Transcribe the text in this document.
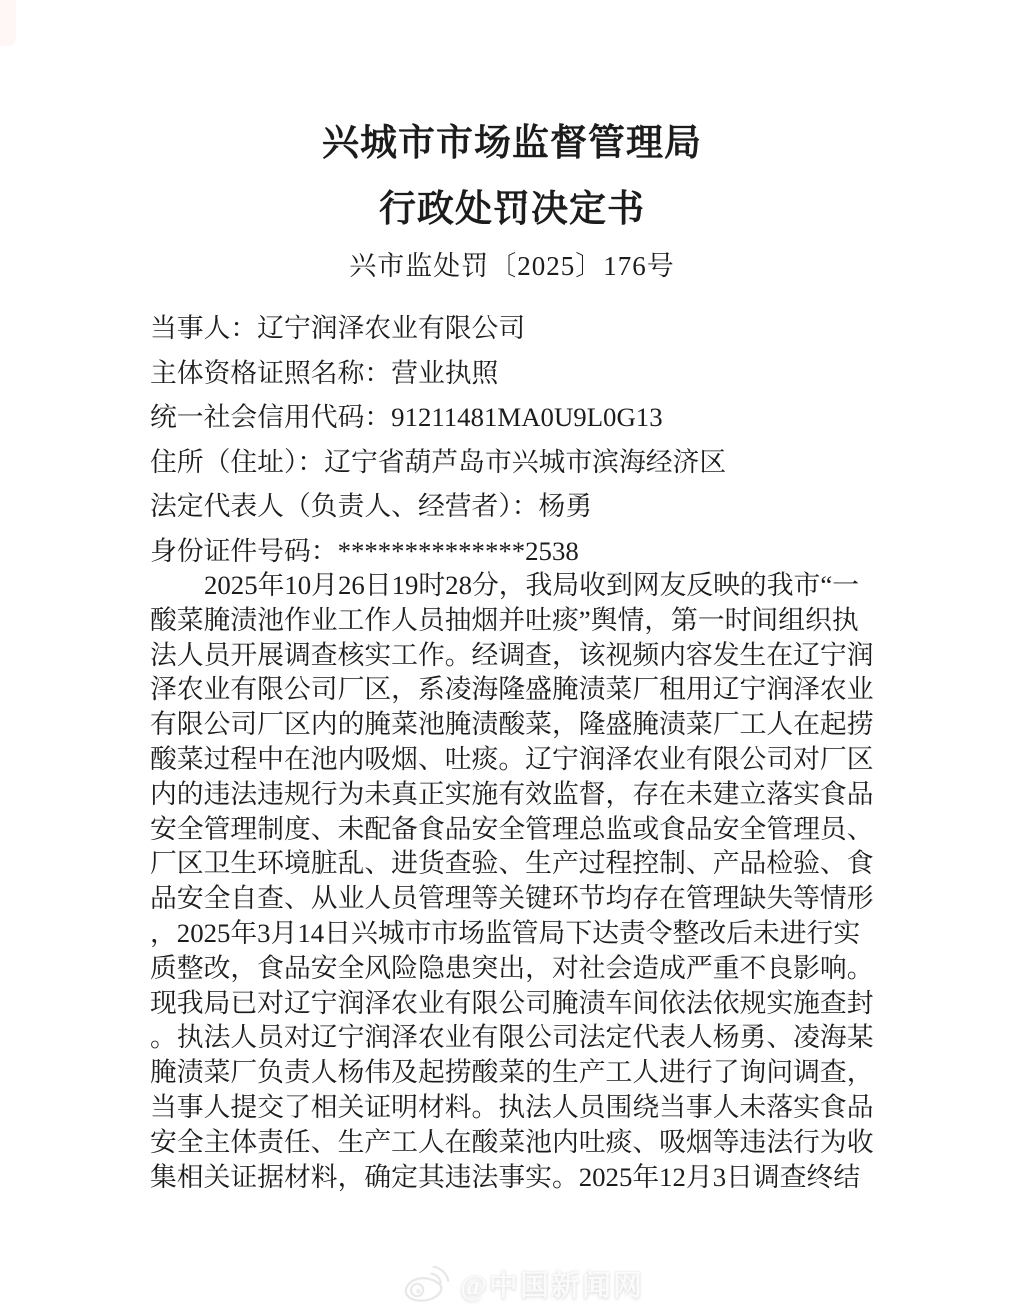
兴城市市场监督管理局
行政处罚决定书
兴市监处罚〔2025〕176号
当事人：辽宁润泽农业有限公司
主体资格证照名称：营业执照
统一社会信用代码：91211481MA0U9L0G13
住所（住址）：辽宁省葫芦岛市兴城市滨海经济区
法定代表人（负责人、经营者）：杨勇
身份证件号码：**************2538
2025年10月26日19时28分，我局收到网友反映的我市“一
酸菜腌渍池作业工作人员抽烟并吐痰”舆情，第一时间组织执
法人员开展调查核实工作。经调查，该视频内容发生在辽宁润
泽农业有限公司厂区，系凌海隆盛腌渍菜厂租用辽宁润泽农业
有限公司厂区内的腌菜池腌渍酸菜，隆盛腌渍菜厂工人在起捞
酸菜过程中在池内吸烟、吐痰。辽宁润泽农业有限公司对厂区
内的违法违规行为未真正实施有效监督，存在未建立落实食品
安全管理制度、未配备食品安全管理总监或食品安全管理员、
厂区卫生环境脏乱、进货查验、生产过程控制、产品检验、食
品安全自查、从业人员管理等关键环节均存在管理缺失等情形
，2025年3月14日兴城市市场监管局下达责令整改后未进行实
质整改，食品安全风险隐患突出，对社会造成严重不良影响。
现我局已对辽宁润泽农业有限公司腌渍车间依法依规实施查封
。执法人员对辽宁润泽农业有限公司法定代表人杨勇、凌海某
腌渍菜厂负责人杨伟及起捞酸菜的生产工人进行了询问调查，
当事人提交了相关证明材料。执法人员围绕当事人未落实食品
安全主体责任、生产工人在酸菜池内吐痰、吸烟等违法行为收
集相关证据材料，确定其违法事实。2025年12月3日调查终结
@中国新闻网
